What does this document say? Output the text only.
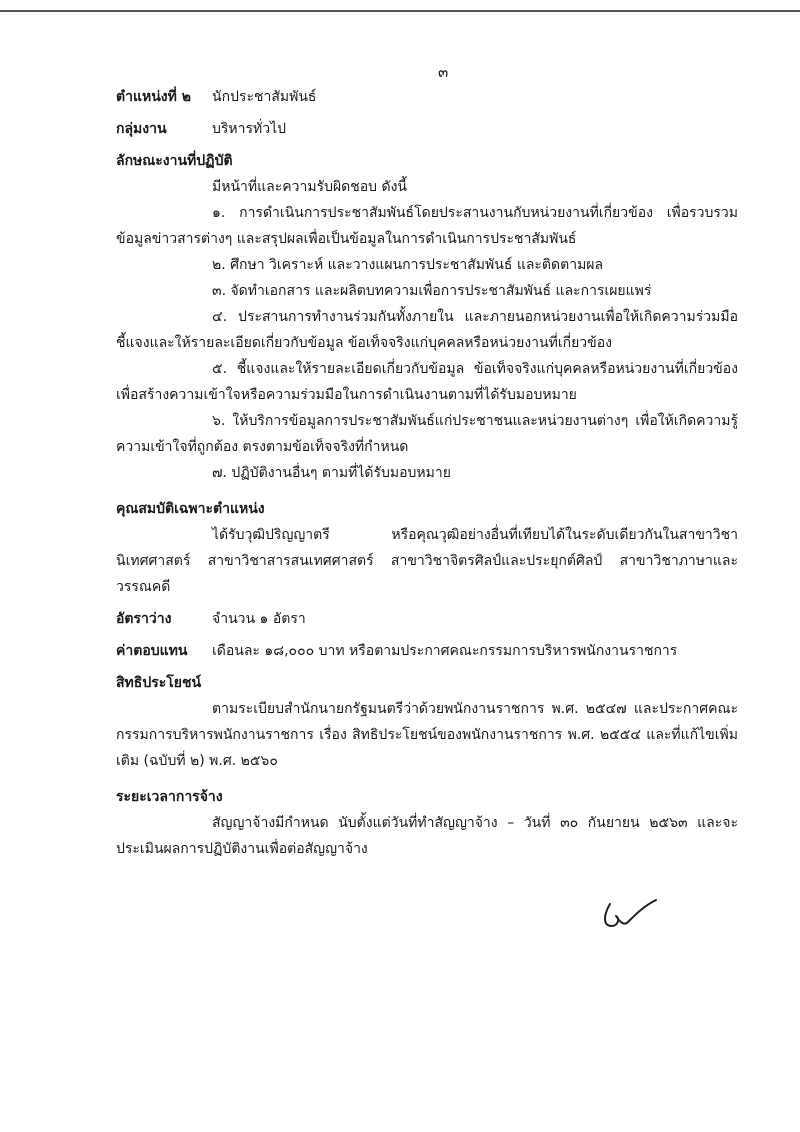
๓
ตำแหน่งที่ ๒	นักประชาสัมพันธ์
กลุ่มงาน	บริหารทั่วไป
ลักษณะงานที่ปฏิบัติ
มีหน้าที่และความรับผิดชอบ ดังนี้
๑. การดำเนินการประชาสัมพันธ์โดยประสานงานกับหน่วยงานที่เกี่ยวข้อง เพื่อรวบรวมข้อมูลข่าวสารต่างๆ และสรุปผลเพื่อเป็นข้อมูลในการดำเนินการประชาสัมพันธ์
๒. ศึกษา วิเคราะห์ และวางแผนการประชาสัมพันธ์ และติดตามผล
๓. จัดทำเอกสาร และผลิตบทความเพื่อการประชาสัมพันธ์ และการเผยแพร่
๔. ประสานการทำงานร่วมกันทั้งภายใน และภายนอกหน่วยงานเพื่อให้เกิดความร่วมมือ ชี้แจงและให้รายละเอียดเกี่ยวกับข้อมูล ข้อเท็จจริงแก่บุคคลหรือหน่วยงานที่เกี่ยวข้อง
๕. ชี้แจงและให้รายละเอียดเกี่ยวกับข้อมูล ข้อเท็จจริงแก่บุคคลหรือหน่วยงานที่เกี่ยวข้อง เพื่อสร้างความเข้าใจหรือความร่วมมือในการดำเนินงานตามที่ได้รับมอบหมาย
๖. ให้บริการข้อมูลการประชาสัมพันธ์แก่ประชาชนและหน่วยงานต่างๆ เพื่อให้เกิดความรู้ความเข้าใจที่ถูกต้อง ตรงตามข้อเท็จจริงที่กำหนด
๗. ปฏิบัติงานอื่นๆ ตามที่ได้รับมอบหมาย
คุณสมบัติเฉพาะตำแหน่ง
ได้รับวุฒิปริญญาตรี หรือคุณวุฒิอย่างอื่นที่เทียบได้ในระดับเดียวกันในสาขาวิชานิเทศศาสตร์ สาขาวิชาสารสนเทศศาสตร์ สาขาวิชาจิตรศิลป์และประยุกต์ศิลป์ สาขาวิชาภาษาและวรรณคดี
อัตราว่าง	จำนวน ๑ อัตรา
ค่าตอบแทน	เดือนละ ๑๘,๐๐๐ บาท หรือตามประกาศคณะกรรมการบริหารพนักงานราชการ
สิทธิประโยชน์
ตามระเบียบสำนักนายกรัฐมนตรีว่าด้วยพนักงานราชการ พ.ศ. ๒๕๔๗ และประกาศคณะกรรมการบริหารพนักงานราชการ เรื่อง สิทธิประโยชน์ของพนักงานราชการ พ.ศ. ๒๕๕๔ และที่แก้ไขเพิ่มเติม (ฉบับที่ ๒) พ.ศ. ๒๕๖๐
ระยะเวลาการจ้าง
สัญญาจ้างมีกำหนด นับตั้งแต่วันที่ทำสัญญาจ้าง – วันที่ ๓๐ กันยายน ๒๕๖๓ และจะประเมินผลการปฏิบัติงานเพื่อต่อสัญญาจ้าง
